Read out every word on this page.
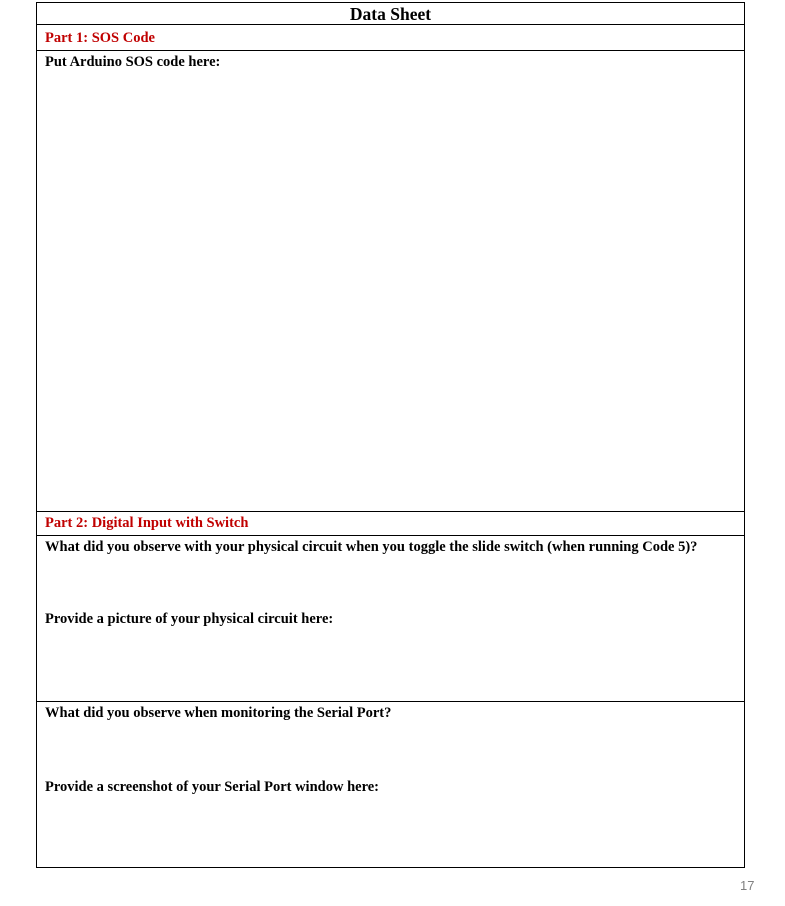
Data Sheet
Part 1: SOS Code

Put Arduino SOS code here:

Part 2: Digital Input with Switch

What did you observe with your physical circuit when you toggle the slide switch (when running Code 5)?

Provide a picture of your physical circuit here:

What did you observe when monitoring the Serial Port?

Provide a screenshot of your Serial Port window here:

17
